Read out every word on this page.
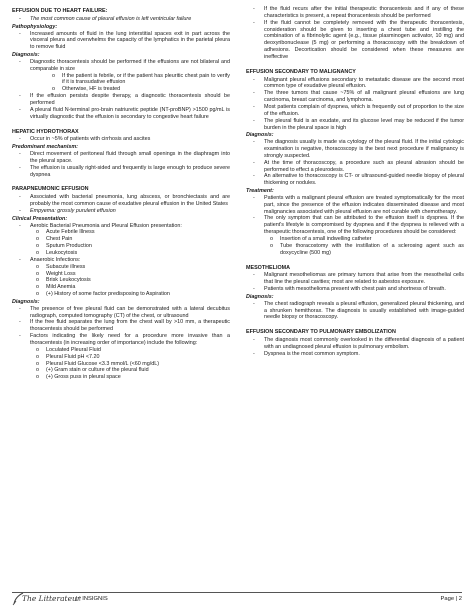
EFFUSION DUE TO HEART FAILURE:
- The most common cause of pleural effusion is left ventricular failure
Pathophysiology:
- Increased amounts of fluid in the lung interstitial spaces exit in part across the visceral pleura and overwhelms the capacity of the lymphatics in the parietal pleura to remove fluid
Diagnosis:
- Diagnostic thoracentesis should be performed if the effusions are not bilateral and comparable in size
o If the patient is febrile, or if the patient has pleuritic chest pain to verify if it is transudative effusion
o Otherwise, HF is treated
- If the effusion persists despite therapy, a diagnostic thoracentesis should be performed
- A pleural fluid N-terminal pro-brain natriuretic peptide (NT-proBNP) >1500 pg/mL is virtually diagnostic that the effusion is secondary to congestive heart failure
HEPATIC HYDROTHORAX
- Occur in ~5% of patients with cirrhosis and ascites
Predominant mechanism:
- Direct movement of peritoneal fluid through small openings in the diaphragm into the pleural space.
- The effusion is usually right-sided and frequently is large enough to produce severe dyspnea
PARAPNEUMONIC EFFUSION
- Associated with bacterial pneumonia, lung abscess, or bronchiectasis and are probably the most common cause of exudative pleural effusion in the United States
- Empyema: grossly purulent effusion
Clinical Presentation:
- Aerobic Bacterial Pneumonia and Pleural Effusion presentation:
o Acute Febrile Illness
o Chest Pain
o Sputum Production
o Leukocytosis
- Anaerobic Infections:
o Subacute illness
o Weight Loss
o Brisk Leukocytosis
o Mild Anemia
o (+) History of some factor predisposing to Aspiration
Diagnosis:
- The presence of free pleural fluid can be demonstrated with a lateral decubitus radiograph, computed tomography (CT) of the chest, or ultrasound
- If the free fluid separates the lung from the chest wall by >10 mm, a therapeutic thoracentesis should be performed
- Factors indicating the likely need for a procedure more invasive than a thoracentesis (in increasing order of importance) include the following:
o Loculated Pleural Fluid
o Pleural Fluid pH <7.20
o Pleural Fluid Glucose <3.3 mmol/L (<60 mg/dL)
o (+) Gram stain or culture of the pleural fluid
o (+) Gross puss in pleural space
- If the fluid recurs after the initial therapeutic thoracentesis and if any of these characteristics is present, a repeat thoracentesis should be performed
- If the fluid cannot be completely removed with the therapeutic thoracentesis, consideration should be given to inserting a chest tube and instilling the combination of a fibrinolytic agent (e.g., tissue plasminogen activator, 10 mg) and deoxyribonuclease (5 mg) or performing a thoracoscopy with the breakdown of adhesions. Decortication should be considered when these measures are ineffective
EFFUSION SECONDARY TO MALIGNANCY
- Malignant pleural effusions secondary to metastatic disease are the second most common type of exudative pleural effusion.
- The three tumors that cause ~75% of all malignant pleural effusions are lung carcinoma, breast carcinoma, and lymphoma.
- Most patients complain of dyspnea, which is frequently out of proportion to the size of the effusion.
- The pleural fluid is an exudate, and its glucose level may be reduced if the tumor burden in the pleural space is high
Diagnosis:
- The diagnosis usually is made via cytology of the pleural fluid. If the initial cytologic examination is negative, thoracoscopy is the best next procedure if malignancy is strongly suspected.
- At the time of thoracoscopy, a procedure such as pleural abrasion should be performed to effect a pleurodesis.
- An alternative to thoracoscopy is CT- or ultrasound-guided needle biopsy of pleural thickening or nodules.
Treatment:
- Patients with a malignant pleural effusion are treated symptomatically for the most part, since the presence of the effusion indicates disseminated disease and most malignancies associated with pleural effusion are not curable with chemotherapy.
- The only symptom that can be attributed to the effusion itself is dyspnea. If the patient's lifestyle is compromised by dyspnea and if the dyspnea is relieved with a therapeutic thoracentesis, one of the following procedures should be considered:
o Insertion of a small indwelling catheter
o Tube thoracostomy with the instillation of a sclerosing agent such as doxycycline (500 mg)
MESOTHELIOMA
- Malignant mesotheliomas are primary tumors that arise from the mesothelial cells that line the pleural cavities; most are related to asbestos exposure.
- Patients with mesothelioma present with chest pain and shortness of breath.
Diagnosis:
- The chest radiograph reveals a pleural effusion, generalized pleural thickening, and a shrunken hemithorax. The diagnosis is usually established with image-guided needle biopsy or thoracoscopy.
EFFUSION SECONDARY TO PULMONARY EMBOLIZATION
- The diagnosis most commonly overlooked in the differential diagnosis of a patient with an undiagnosed pleural effusion is pulmonary embolism.
- Dyspnea is the most common symptom.
The Litterateur
| | INSIGNIS	Page | 2
